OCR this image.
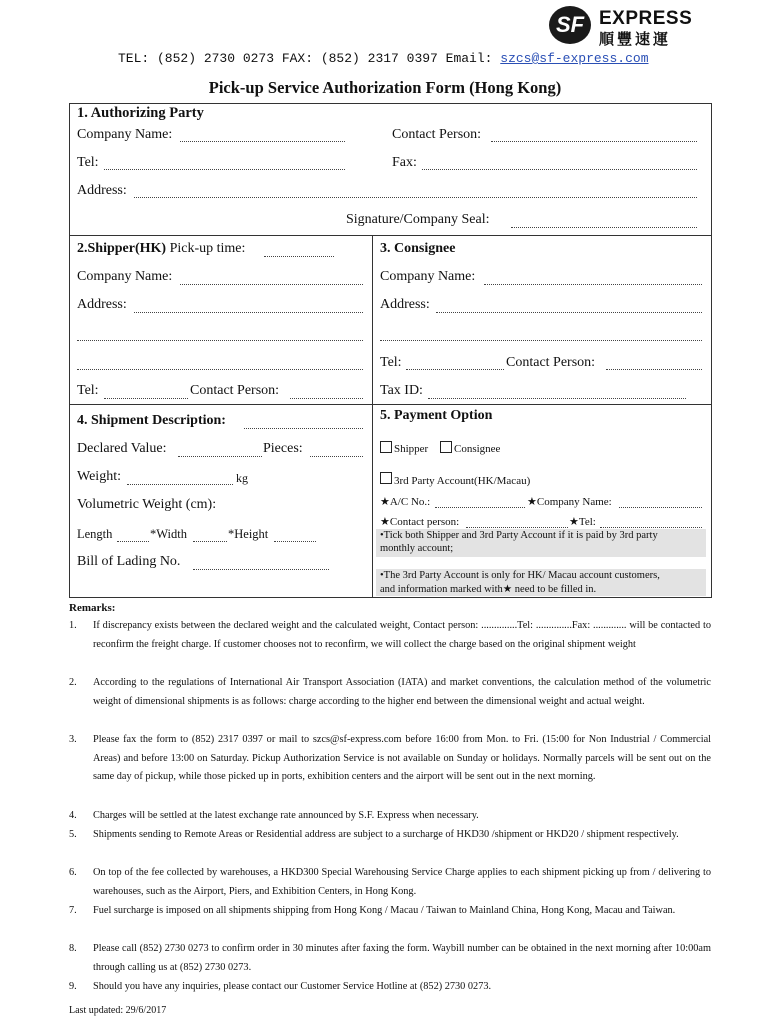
SF EXPRESS
順豐速運
TEL: (852) 2730 0273 FAX: (852) 2317 0397 Email: szcs@sf-express.com
Pick-up Service Authorization Form (Hong Kong)
1. Authorizing Party
Company Name:	Contact Person:
Tel:	Fax:
Address:
Signature/Company Seal:
2.Shipper(HK) Pick-up time:
Company Name:
Address:
Tel:	Contact Person:
3. Consignee
Company Name:
Address:
Tel:	Contact Person:
Tax ID:
4. Shipment Description:
Declared Value:	Pieces:
Weight:	kg
Volumetric Weight (cm):
Length	*Width	*Height
Bill of Lading No.
5. Payment Option
Shipper Consignee
3rd Party Account(HK/Macau)
★A/C No.:	★Company Name:
★Contact person:	★Tel:
•Tick both Shipper and 3rd Party Account if it is paid by 3rd party
monthly account;
•The 3rd Party Account is only for HK/ Macau account customers,
and information marked with★ need to be filled in.
Remarks:
1. If discrepancy exists between the declared weight and the calculated weight, Contact person: ..............Tel: ..............Fax: ............. will be contacted to reconfirm the freight charge. If customer chooses not to reconfirm, we will collect the charge based on the original shipment weight
2. According to the regulations of International Air Transport Association (IATA) and market conventions, the calculation method of the volumetric weight of dimensional shipments is as follows: charge according to the higher end between the dimensional weight and actual weight.
3. Please fax the form to (852) 2317 0397 or mail to szcs@sf-express.com before 16:00 from Mon. to Fri. (15:00 for Non Industrial / Commercial Areas) and before 13:00 on Saturday. Pickup Authorization Service is not available on Sunday or holidays. Normally parcels will be sent out on the same day of pickup, while those picked up in ports, exhibition centers and the airport will be sent out in the next morning.
4. Charges will be settled at the latest exchange rate announced by S.F. Express when necessary.
5. Shipments sending to Remote Areas or Residential address are subject to a surcharge of HKD30 /shipment or HKD20 / shipment respectively.
6. On top of the fee collected by warehouses, a HKD300 Special Warehousing Service Charge applies to each shipment picking up from / delivering to warehouses, such as the Airport, Piers, and Exhibition Centers, in Hong Kong.
7. Fuel surcharge is imposed on all shipments shipping from Hong Kong / Macau / Taiwan to Mainland China, Hong Kong, Macau and Taiwan.
8. Please call (852) 2730 0273 to confirm order in 30 minutes after faxing the form. Waybill number can be obtained in the next morning after 10:00am through calling us at (852) 2730 0273.
9. Should you have any inquiries, please contact our Customer Service Hotline at (852) 2730 0273.
Last updated: 29/6/2017
